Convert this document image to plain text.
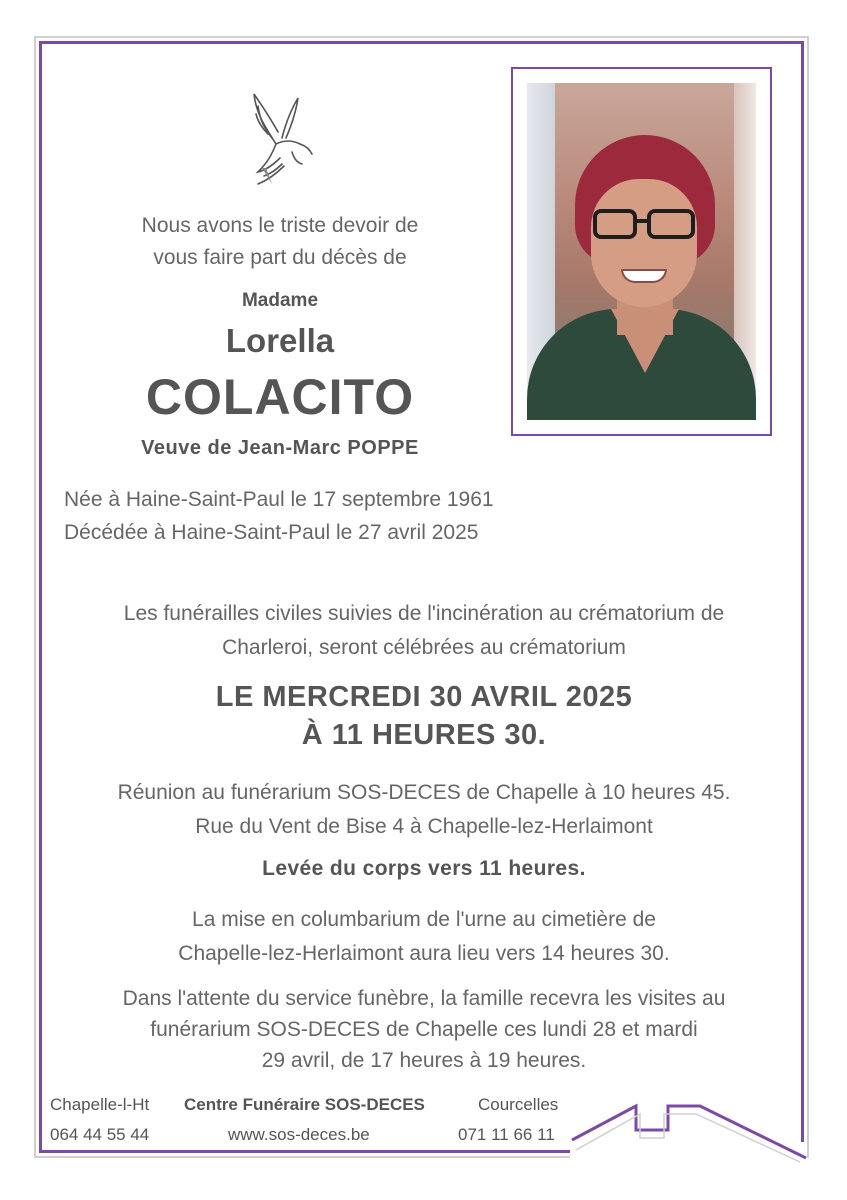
Nous avons le triste devoir de
vous faire part du décès de
Madame
Lorella
COLACITO
Veuve de Jean-Marc POPPE
Née à Haine-Saint-Paul le 17 septembre 1961
Décédée à Haine-Saint-Paul le 27 avril 2025
Les funérailles civiles suivies de l'incinération au crématorium de
Charleroi, seront célébrées au crématorium
LE MERCREDI 30 AVRIL 2025
À 11 HEURES 30.
Réunion au funérarium SOS-DECES de Chapelle à 10 heures 45.
Rue du Vent de Bise 4 à Chapelle-lez-Herlaimont
Levée du corps vers 11 heures.
La mise en columbarium de l'urne au cimetière de
Chapelle-lez-Herlaimont aura lieu vers 14 heures 30.
Dans l'attente du service funèbre, la famille recevra les visites au
funérarium SOS-DECES de Chapelle ces lundi 28 et mardi
29 avril, de 17 heures à 19 heures.
Chapelle-l-Ht
064 44 55 44
Centre Funéraire SOS-DECES
www.sos-deces.be
Courcelles
071 11 66 11
